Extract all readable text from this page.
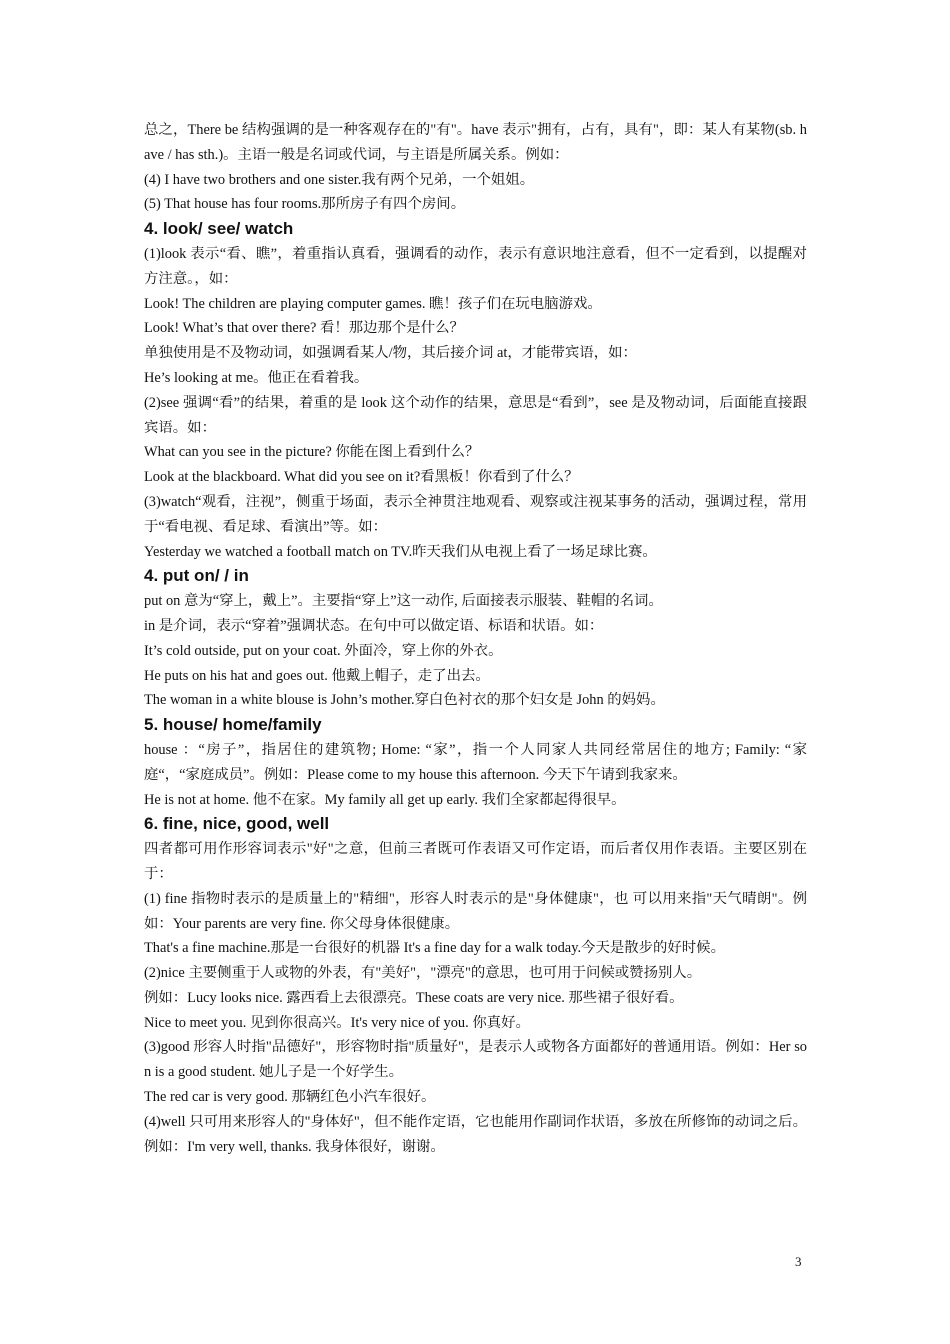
总之，There be 结构强调的是一种客观存在的"有"。have 表示"拥有，占有，具有"，即：某人有某物(sb. have / has sth.)。主语一般是名词或代词，与主语是所属关系。例如：

(4) I have two brothers and one sister.我有两个兄弟，一个姐姐。

(5) That house has four rooms.那所房子有四个房间。

4. look/ see/ watch

(1)look 表示“看、瞧”，着重指认真看，强调看的动作，表示有意识地注意看，但不一定看到，以提醒对方注意。，如：

Look! The children are playing computer games. 瞧！孩子们在玩电脑游戏。

Look! What’s that over there? 看！那边那个是什么？

单独使用是不及物动词，如强调看某人/物，其后接介词 at，才能带宾语，如：

He’s looking at me。他正在看着我。

(2)see 强调“看”的结果，着重的是 look 这个动作的结果，意思是“看到”，see 是及物动词，后面能直接跟宾语。如：

What can you see in the picture? 你能在图上看到什么？

Look at the blackboard. What did you see on it?看黑板！你看到了什么？

(3)watch“观看，注视”，侧重于场面，表示全神贯注地观看、观察或注视某事务的活动，强调过程，常用于“看电视、看足球、看演出”等。如：

Yesterday we watched a football match on TV.昨天我们从电视上看了一场足球比赛。

4. put on/ / in

put on 意为“穿上，戴上”。主要指“穿上”这一动作, 后面接表示服装、鞋帽的名词。

in 是介词，表示“穿着”强调状态。在句中可以做定语、标语和状语。如：

It’s cold outside, put on your coat. 外面冷，穿上你的外衣。

He puts on his hat and goes out. 他戴上帽子，走了出去。

The woman in a white blouse is John’s mother.穿白色衬衣的那个妇女是 John 的妈妈。

5. house/ home/family

house ：“房子”，指居住的建筑物; Home: “家”，指一个人同家人共同经常居住的地方; Family: “家庭“，“家庭成员”。例如：Please come to my house this afternoon. 今天下午请到我家来。

He is not at home. 他不在家。My family all get up early. 我们全家都起得很早。

6. fine, nice, good, well

四者都可用作形容词表示"好"之意，但前三者既可作表语又可作定语，而后者仅用作表语。主要区别在于：

(1) fine 指物时表示的是质量上的"精细"，形容人时表示的是"身体健康"，也 可以用来指"天气晴朗"。例如：Your parents are very fine. 你父母身体很健康。

That's a fine machine.那是一台很好的机器 It's a fine day for a walk today.今天是散步的好时候。

(2)nice 主要侧重于人或物的外表，有"美好"，"漂亮"的意思，也可用于问候或赞扬别人。

例如：Lucy looks nice. 露西看上去很漂亮。These coats are very nice. 那些裙子很好看。

Nice to meet you. 见到你很高兴。It's very nice of you. 你真好。

(3)good 形容人时指"品德好"，形容物时指"质量好"，是表示人或物各方面都好的普通用语。例如：Her son is a good student. 她儿子是一个好学生。

The red car is very good. 那辆红色小汽车很好。

(4)well 只可用来形容人的"身体好"，但不能作定语，它也能用作副词作状语，多放在所修饰的动词之后。例如：I'm very well, thanks. 我身体很好，谢谢。

3
